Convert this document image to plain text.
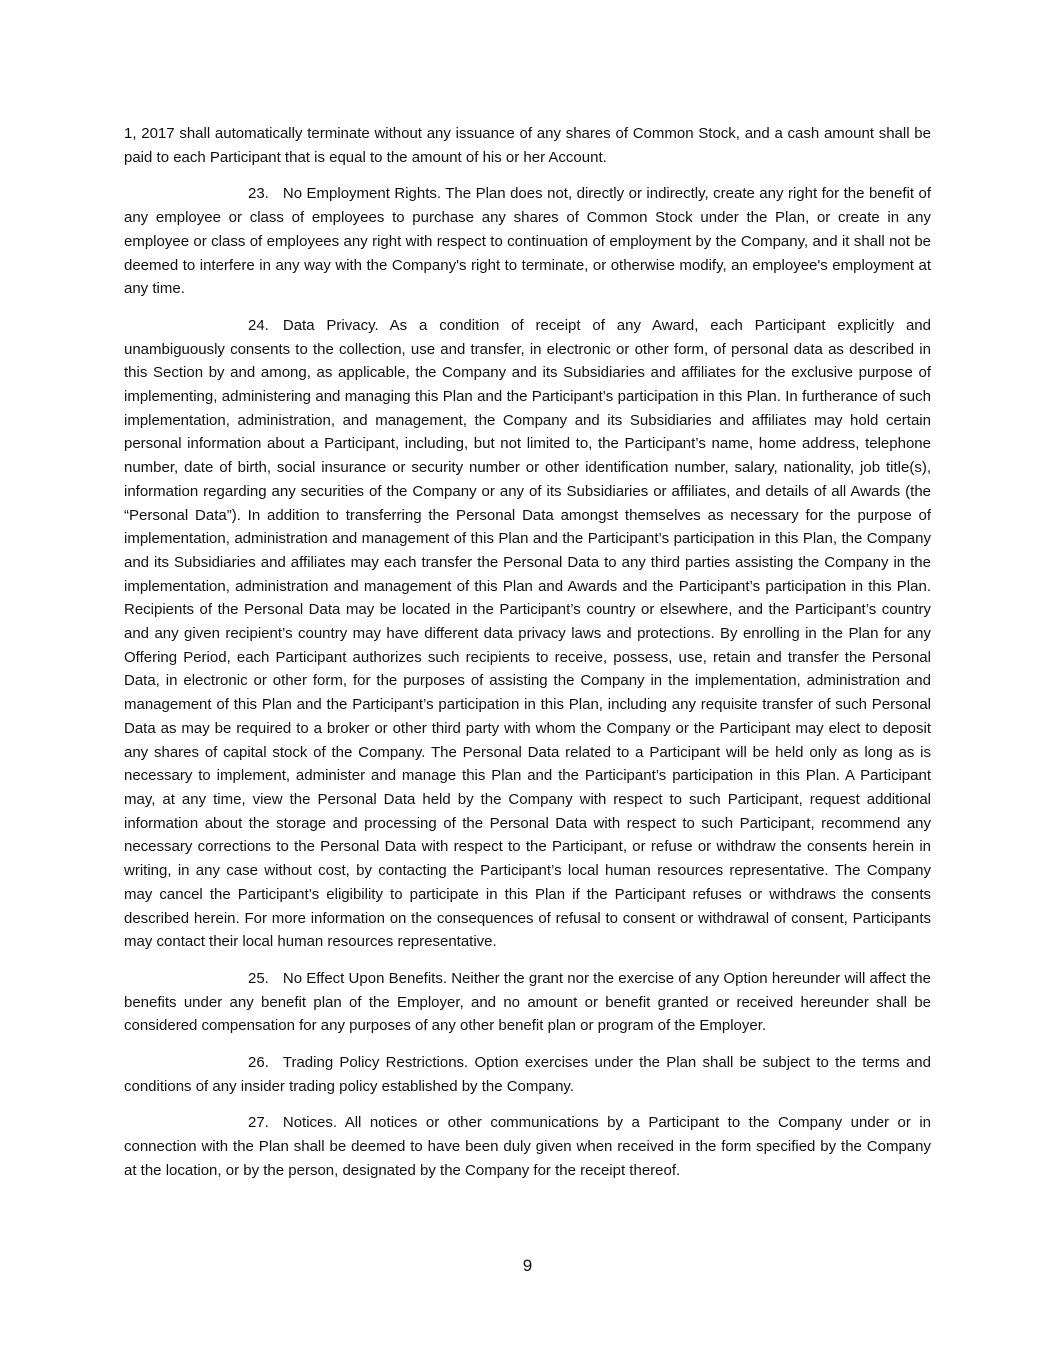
1, 2017 shall automatically terminate without any issuance of any shares of Common Stock, and a cash amount shall be paid to each Participant that is equal to the amount of his or her Account.

23. No Employment Rights. The Plan does not, directly or indirectly, create any right for the benefit of any employee or class of employees to purchase any shares of Common Stock under the Plan, or create in any employee or class of employees any right with respect to continuation of employment by the Company, and it shall not be deemed to interfere in any way with the Company's right to terminate, or otherwise modify, an employee's employment at any time.

24. Data Privacy. As a condition of receipt of any Award, each Participant explicitly and unambiguously consents to the collection, use and transfer, in electronic or other form, of personal data as described in this Section by and among, as applicable, the Company and its Subsidiaries and affiliates for the exclusive purpose of implementing, administering and managing this Plan and the Participant’s participation in this Plan. In furtherance of such implementation, administration, and management, the Company and its Subsidiaries and affiliates may hold certain personal information about a Participant, including, but not limited to, the Participant’s name, home address, telephone number, date of birth, social insurance or security number or other identification number, salary, nationality, job title(s), information regarding any securities of the Company or any of its Subsidiaries or affiliates, and details of all Awards (the “Personal Data”). In addition to transferring the Personal Data amongst themselves as necessary for the purpose of implementation, administration and management of this Plan and the Participant’s participation in this Plan, the Company and its Subsidiaries and affiliates may each transfer the Personal Data to any third parties assisting the Company in the implementation, administration and management of this Plan and Awards and the Participant’s participation in this Plan. Recipients of the Personal Data may be located in the Participant’s country or elsewhere, and the Participant’s country and any given recipient’s country may have different data privacy laws and protections. By enrolling in the Plan for any Offering Period, each Participant authorizes such recipients to receive, possess, use, retain and transfer the Personal Data, in electronic or other form, for the purposes of assisting the Company in the implementation, administration and management of this Plan and the Participant’s participation in this Plan, including any requisite transfer of such Personal Data as may be required to a broker or other third party with whom the Company or the Participant may elect to deposit any shares of capital stock of the Company. The Personal Data related to a Participant will be held only as long as is necessary to implement, administer and manage this Plan and the Participant’s participation in this Plan. A Participant may, at any time, view the Personal Data held by the Company with respect to such Participant, request additional information about the storage and processing of the Personal Data with respect to such Participant, recommend any necessary corrections to the Personal Data with respect to the Participant, or refuse or withdraw the consents herein in writing, in any case without cost, by contacting the Participant’s local human resources representative. The Company may cancel the Participant’s eligibility to participate in this Plan if the Participant refuses or withdraws the consents described herein. For more information on the consequences of refusal to consent or withdrawal of consent, Participants may contact their local human resources representative.

25. No Effect Upon Benefits. Neither the grant nor the exercise of any Option hereunder will affect the benefits under any benefit plan of the Employer, and no amount or benefit granted or received hereunder shall be considered compensation for any purposes of any other benefit plan or program of the Employer.

26. Trading Policy Restrictions. Option exercises under the Plan shall be subject to the terms and conditions of any insider trading policy established by the Company.

27. Notices. All notices or other communications by a Participant to the Company under or in connection with the Plan shall be deemed to have been duly given when received in the form specified by the Company at the location, or by the person, designated by the Company for the receipt thereof.

9
